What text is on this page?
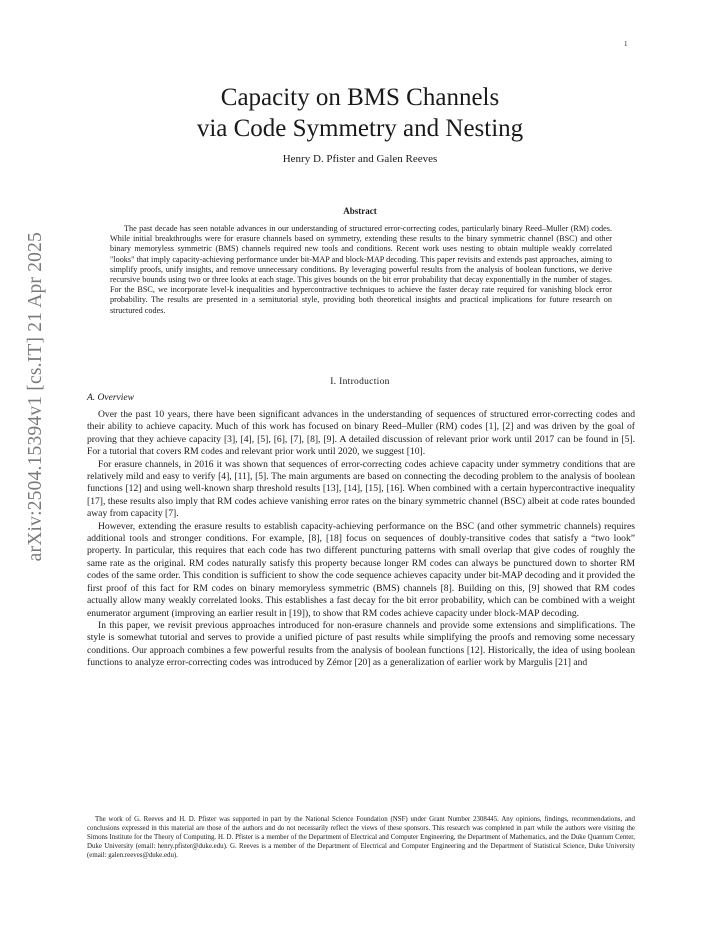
1
arXiv:2504.15394v1 [cs.IT] 21 Apr 2025
Capacity on BMS Channels
via Code Symmetry and Nesting
Henry D. Pfister and Galen Reeves
Abstract

The past decade has seen notable advances in our understanding of structured error-correcting codes, particularly binary Reed–Muller (RM) codes. While initial breakthroughs were for erasure channels based on symmetry, extending these results to the binary symmetric channel (BSC) and other binary memoryless symmetric (BMS) channels required new tools and conditions. Recent work uses nesting to obtain multiple weakly correlated "looks" that imply capacity-achieving performance under bit-MAP and block-MAP decoding. This paper revisits and extends past approaches, aiming to simplify proofs, unify insights, and remove unnecessary conditions. By leveraging powerful results from the analysis of boolean functions, we derive recursive bounds using two or three looks at each stage. This gives bounds on the bit error probability that decay exponentially in the number of stages. For the BSC, we incorporate level-k inequalities and hypercontractive techniques to achieve the faster decay rate required for vanishing block error probability. The results are presented in a semitutorial style, providing both theoretical insights and practical implications for future research on structured codes.

I. Introduction
A. Overview

Over the past 10 years, there have been significant advances in the understanding of sequences of structured error-correcting codes and their ability to achieve capacity. Much of this work has focused on binary Reed–Muller (RM) codes [1], [2] and was driven by the goal of proving that they achieve capacity [3], [4], [5], [6], [7], [8], [9]. A detailed discussion of relevant prior work until 2017 can be found in [5]. For a tutorial that covers RM codes and relevant prior work until 2020, we suggest [10].

For erasure channels, in 2016 it was shown that sequences of error-correcting codes achieve capacity under symmetry conditions that are relatively mild and easy to verify [4], [11], [5]. The main arguments are based on connecting the decoding problem to the analysis of boolean functions [12] and using well-known sharp threshold results [13], [14], [15], [16]. When combined with a certain hypercontractive inequality [17], these results also imply that RM codes achieve vanishing error rates on the binary symmetric channel (BSC) albeit at code rates bounded away from capacity [7].

However, extending the erasure results to establish capacity-achieving performance on the BSC (and other symmetric channels) requires additional tools and stronger conditions. For example, [8], [18] focus on sequences of doubly-transitive codes that satisfy a “two look” property. In particular, this requires that each code has two different puncturing patterns with small overlap that give codes of roughly the same rate as the original. RM codes naturally satisfy this property because longer RM codes can always be punctured down to shorter RM codes of the same order. This condition is sufficient to show the code sequence achieves capacity under bit-MAP decoding and it provided the first proof of this fact for RM codes on binary memoryless symmetric (BMS) channels [8]. Building on this, [9] showed that RM codes actually allow many weakly correlated looks. This establishes a fast decay for the bit error probability, which can be combined with a weight enumerator argument (improving an earlier result in [19]), to show that RM codes achieve capacity under block-MAP decoding.

In this paper, we revisit previous approaches introduced for non-erasure channels and provide some extensions and simplifications. The style is somewhat tutorial and serves to provide a unified picture of past results while simplifying the proofs and removing some necessary conditions. Our approach combines a few powerful results from the analysis of boolean functions [12]. Historically, the idea of using boolean functions to analyze error-correcting codes was introduced by Zémor [20] as a generalization of earlier work by Margulis [21] and

The work of G. Reeves and H. D. Pfister was supported in part by the National Science Foundation (NSF) under Grant Number 2308445. Any opinions, findings, recommendations, and conclusions expressed in this material are those of the authors and do not necessarily reflect the views of these sponsors. This research was completed in part while the authors were visiting the Simons Institute for the Theory of Computing. H. D. Pfister is a member of the Department of Electrical and Computer Engineering, the Department of Mathematics, and the Duke Quantum Center, Duke University (email: henry.pfister@duke.edu). G. Reeves is a member of the Department of Electrical and Computer Engineering and the Department of Statistical Science, Duke University (email: galen.reeves@duke.edu).
